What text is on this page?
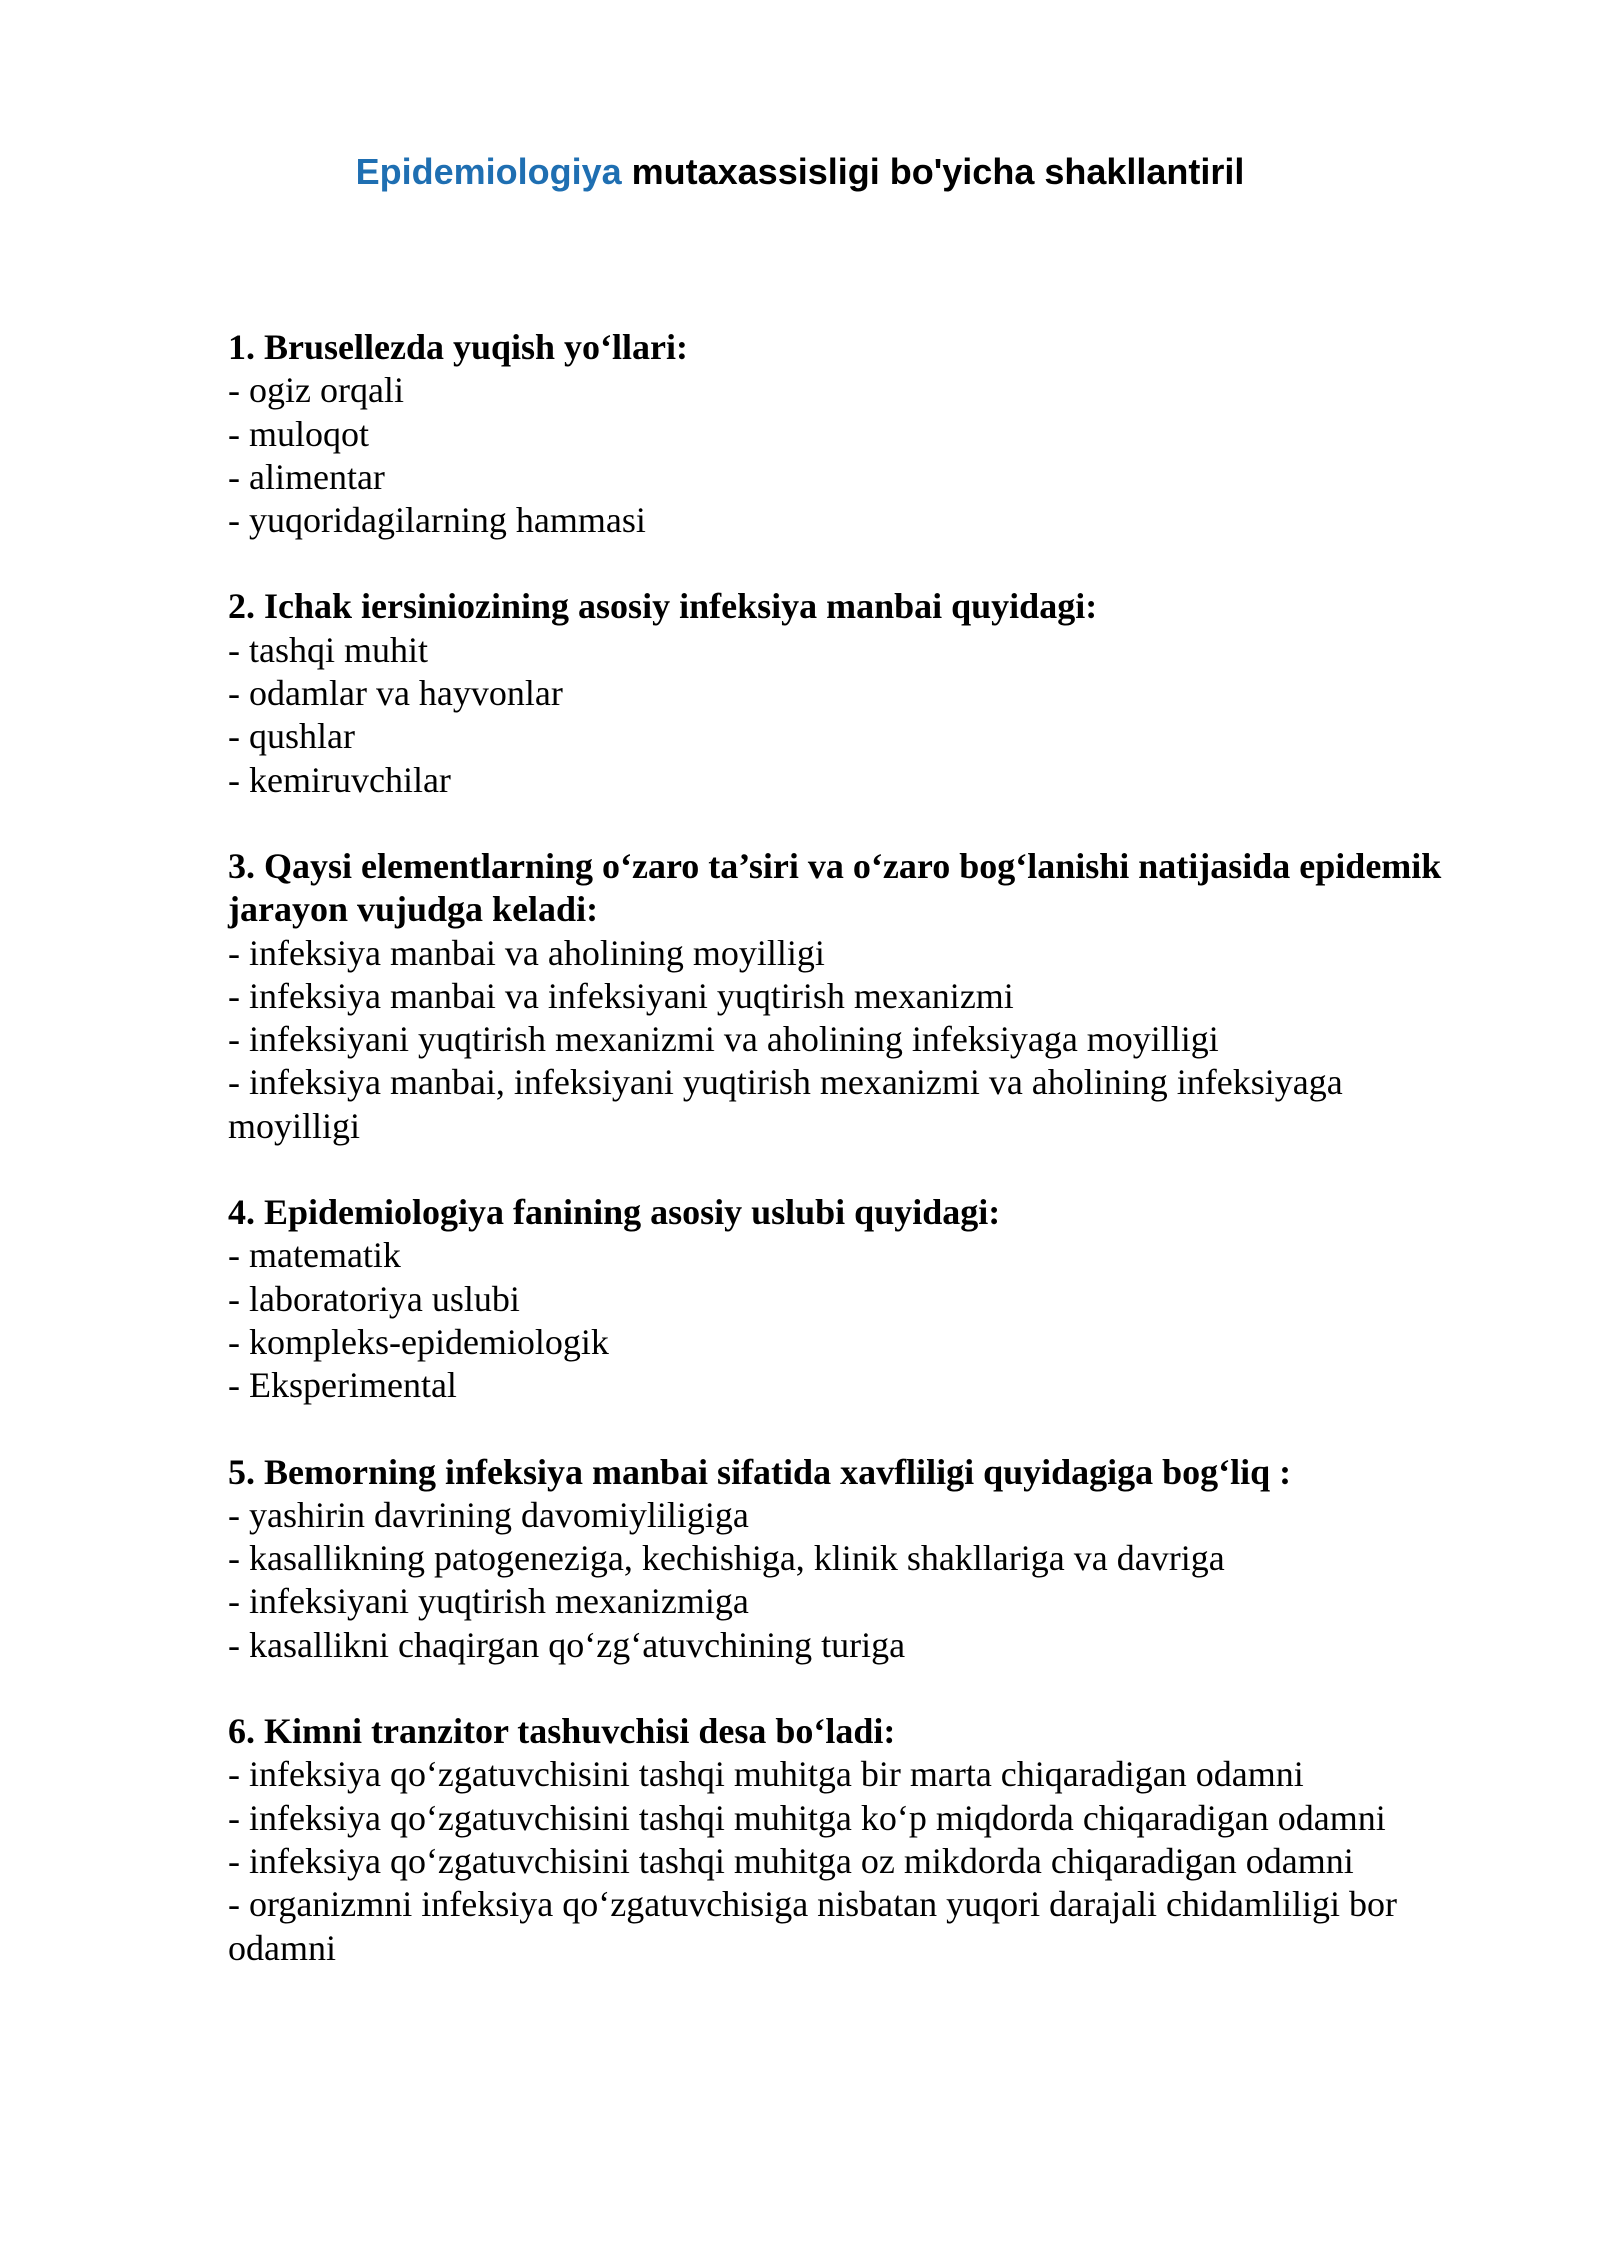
Epidemiologiya mutaxassisligi bo'yicha shakllantiril
1. Brusellezda yuqish yo‘llari:
- ogiz orqali
- muloqot
- alimentar
- yuqoridagilarning hammasi
2. Ichak iersiniozining asosiy infeksiya manbai quyidagi:
- tashqi muhit
- odamlar va hayvonlar
- qushlar
- kemiruvchilar
3. Qaysi elementlarning o‘zaro ta’siri va o‘zaro bog‘lanishi natijasida epidemik jarayon vujudga keladi:
- infeksiya manbai va aholining moyilligi
- infeksiya manbai va infeksiyani yuqtirish mexanizmi
- infeksiyani yuqtirish mexanizmi va aholining infeksiyaga moyilligi
- infeksiya manbai, infeksiyani yuqtirish mexanizmi va aholining infeksiyaga moyilligi
4. Epidemiologiya fanining asosiy uslubi quyidagi:
- matematik
- laboratoriya uslubi
- kompleks-epidemiologik
- Eksperimental
5. Bemorning infeksiya manbai sifatida xavfliligi quyidagiga bog‘liq :
- yashirin davrining davomiyliligiga
- kasallikning patogeneziga, kechishiga, klinik shakllariga va davriga
- infeksiyani yuqtirish mexanizmiga
- kasallikni chaqirgan qo‘zg‘atuvchining turiga
6. Kimni tranzitor tashuvchisi desa bo‘ladi:
- infeksiya qo‘zgatuvchisini tashqi muhitga bir marta chiqaradigan odamni
- infeksiya qo‘zgatuvchisini tashqi muhitga ko‘p miqdorda chiqaradigan odamni
- infeksiya qo‘zgatuvchisini tashqi muhitga oz mikdorda chiqaradigan odamni
- organizmni infeksiya qo‘zgatuvchisiga nisbatan yuqori darajali chidamliligi bor odamni
